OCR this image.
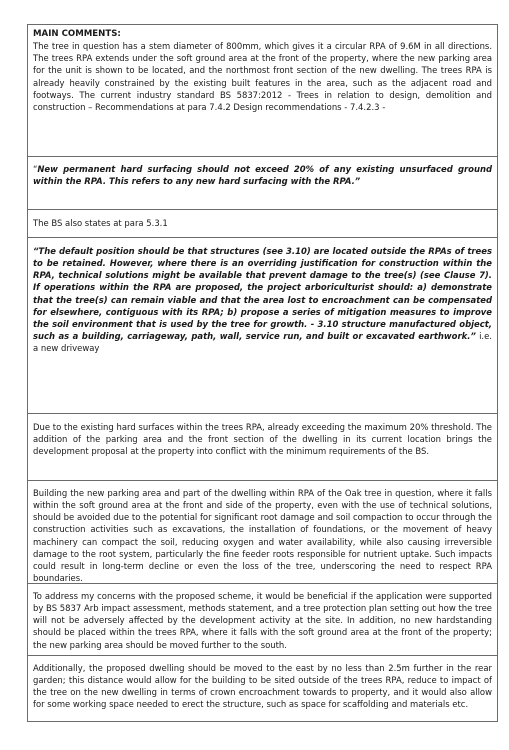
MAIN COMMENTS:

The tree in question has a stem diameter of 800mm, which gives it a circular RPA of 9.6M in all directions. The trees RPA extends under the soft ground area at the front of the property, where the new parking area for the unit is shown to be located, and the northmost front section of the new dwelling. The trees RPA is already heavily constrained by the existing built features in the area, such as the adjacent road and footways. The current industry standard BS 5837:2012 - Trees in relation to design, demolition and construction – Recommendations at para 7.4.2 Design recommendations - 7.4.2.3 -

“New permanent hard surfacing should not exceed 20% of any existing unsurfaced ground within the RPA. This refers to any new hard surfacing with the RPA.”

The BS also states at para 5.3.1

“The default position should be that structures (see 3.10) are located outside the RPAs of trees to be retained. However, where there is an overriding justification for construction within the RPA, technical solutions might be available that prevent damage to the tree(s) (see Clause 7). If operations within the RPA are proposed, the project arboriculturist should: a) demonstrate that the tree(s) can remain viable and that the area lost to encroachment can be compensated for elsewhere, contiguous with its RPA; b) propose a series of mitigation measures to improve the soil environment that is used by the tree for growth. - 3.10 structure manufactured object, such as a building, carriageway, path, wall, service run, and built or excavated earthwork.” i.e. a new driveway

Due to the existing hard surfaces within the trees RPA, already exceeding the maximum 20% threshold. The addition of the parking area and the front section of the dwelling in its current location brings the development proposal at the property into conflict with the minimum requirements of the BS.

Building the new parking area and part of the dwelling within RPA of the Oak tree in question, where it falls within the soft ground area at the front and side of the property, even with the use of technical solutions, should be avoided due to the potential for significant root damage and soil compaction to occur through the construction activities such as excavations, the installation of foundations, or the movement of heavy machinery can compact the soil, reducing oxygen and water availability, while also causing irreversible damage to the root system, particularly the fine feeder roots responsible for nutrient uptake. Such impacts could result in long-term decline or even the loss of the tree, underscoring the need to respect RPA boundaries.

To address my concerns with the proposed scheme, it would be beneficial if the application were supported by BS 5837 Arb impact assessment, methods statement, and a tree protection plan setting out how the tree will not be adversely affected by the development activity at the site. In addition, no new hardstanding should be placed within the trees RPA, where it falls with the soft ground area at the front of the property; the new parking area should be moved further to the south.

Additionally, the proposed dwelling should be moved to the east by no less than 2.5m further in the rear garden; this distance would allow for the building to be sited outside of the trees RPA, reduce to impact of the tree on the new dwelling in terms of crown encroachment towards to property, and it would also allow for some working space needed to erect the structure, such as space for scaffolding and materials etc.
